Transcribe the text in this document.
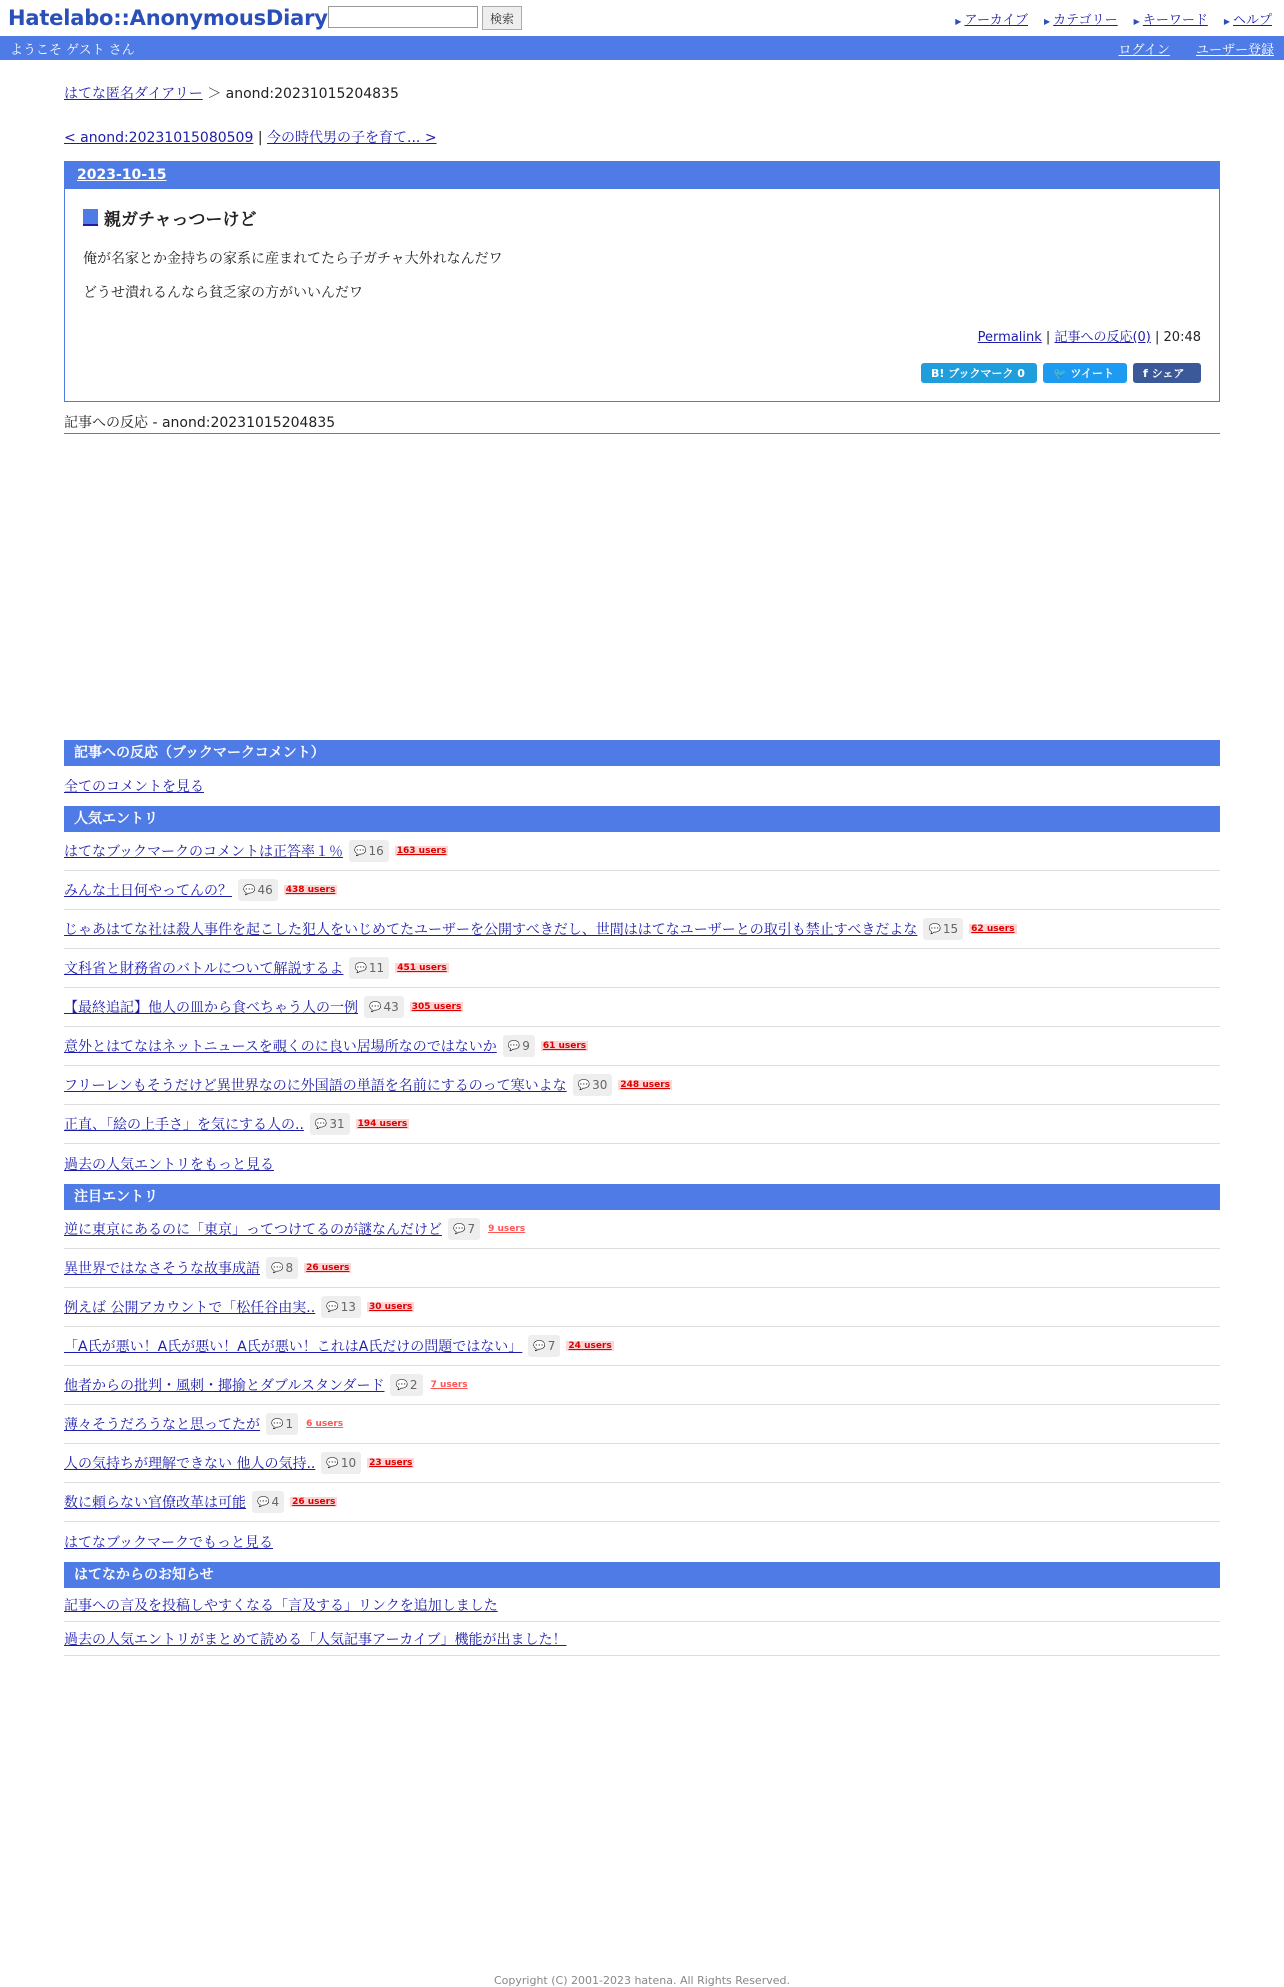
Hatelabo::AnonymousDiary	検索	▶ アーカイブ	▶ カテゴリー	▶ キーワード	▶ ヘルプ
ようこそ ゲスト さん	ログイン ユーザー登録
はてな匿名ダイアリー ＞ anond:20231015204835
< anond:20231015080509 | 今の時代男の子を育て... >
2023-10-15
親ガチャっつーけど
俺が名家とか金持ちの家系に産まれてたら子ガチャ大外れなんだワ
どうせ潰れるんなら貧乏家の方がいいんだワ
Permalink | 記事への反応(0) | 20:48
B! ブックマーク 0	🐦 ツイート	f シェア
記事への反応 - anond:20231015204835
記事への反応（ブックマークコメント）
全てのコメントを見る
人気エントリ
はてなブックマークのコメントは正答率１％	💬 16	163 users
みんな土日何やってんの？	💬 46	438 users
じゃあはてな社は殺人事件を起こした犯人をいじめてたユーザーを公開すべきだし、世間ははてなユーザーとの取引も禁止すべきだよな	💬 15	62 users
文科省と財務省のバトルについて解説するよ	💬 11	451 users
【最終追記】他人の皿から食べちゃう人の一例	💬 43	305 users
意外とはてなはネットニュースを覗くのに良い居場所なのではないか	💬 9	61 users
フリーレンもそうだけど異世界なのに外国語の単語を名前にするのって寒いよな	💬 30	248 users
正直、「絵の上手さ」を気にする人の..	💬 31	194 users
過去の人気エントリをもっと見る
注目エントリ
逆に東京にあるのに「東京」ってつけてるのが謎なんだけど	💬 7	9 users
異世界ではなさそうな故事成語	💬 8	26 users
例えば 公開アカウントで「松任谷由実..	💬 13	30 users
「A氏が悪い！A氏が悪い！A氏が悪い！これはA氏だけの問題ではない」	💬 7	24 users
他者からの批判・風刺・揶揄とダブルスタンダード	💬 2	7 users
薄々そうだろうなと思ってたが	💬 1	6 users
人の気持ちが理解できない 他人の気持..	💬 10	23 users
数に頼らない官僚改革は可能	💬 4	26 users
はてなブックマークでもっと見る
はてなからのお知らせ
記事への言及を投稿しやすくなる「言及する」リンクを追加しました
過去の人気エントリがまとめて読める「人気記事アーカイブ」機能が出ました！
Copyright (C) 2001-2023 hatena. All Rights Reserved.
